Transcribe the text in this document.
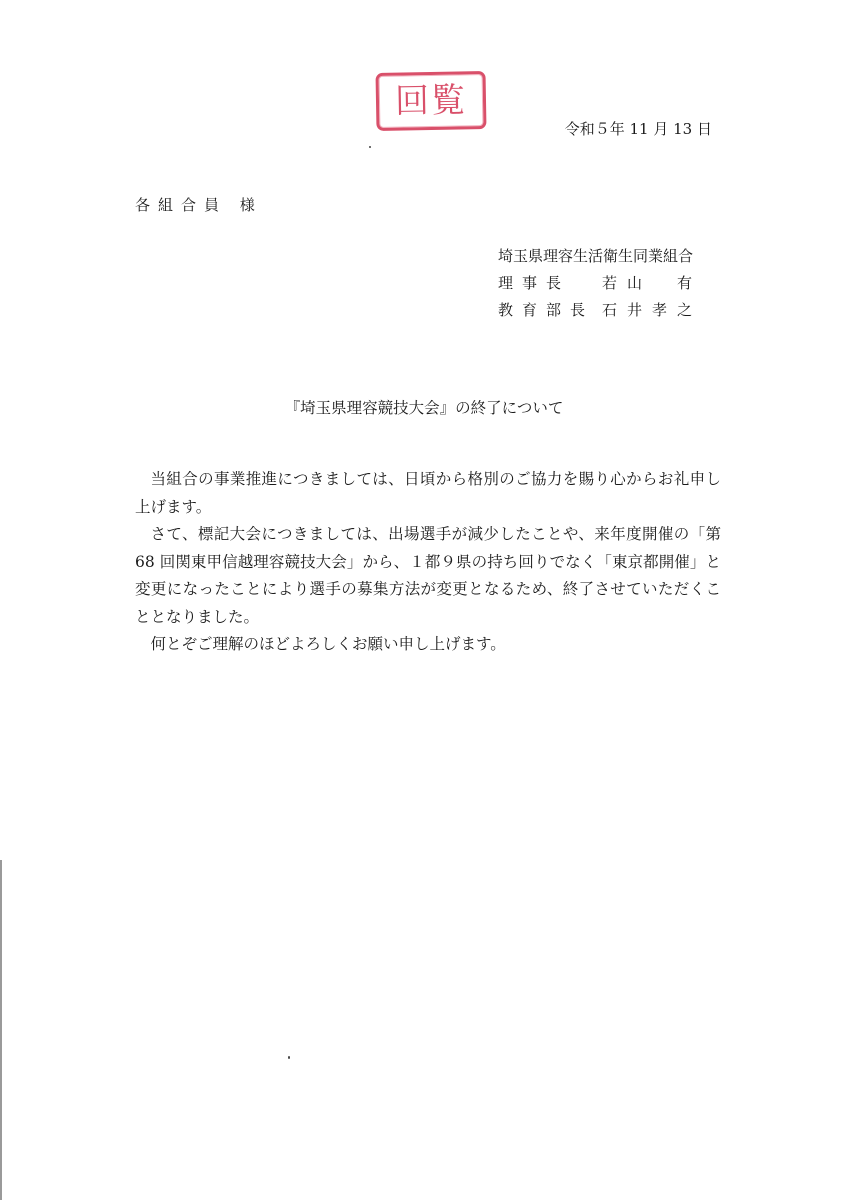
回覧
令和５年 11 月 13 日
各組合員 様
埼玉県理容生活衛生同業組合
理事長 若山　有
教育部長 石井孝之
『埼玉県理容競技大会』の終了について

当組合の事業推進につきましては、日頃から格別のご協力を賜り心からお礼申し上げます。

さて、標記大会につきましては、出場選手が減少したことや、来年度開催の「第 68 回関東甲信越理容競技大会」から、１都９県の持ち回りでなく「東京都開催」と変更になったことにより選手の募集方法が変更となるため、終了させていただくこととなりました。

何とぞご理解のほどよろしくお願い申し上げます。
